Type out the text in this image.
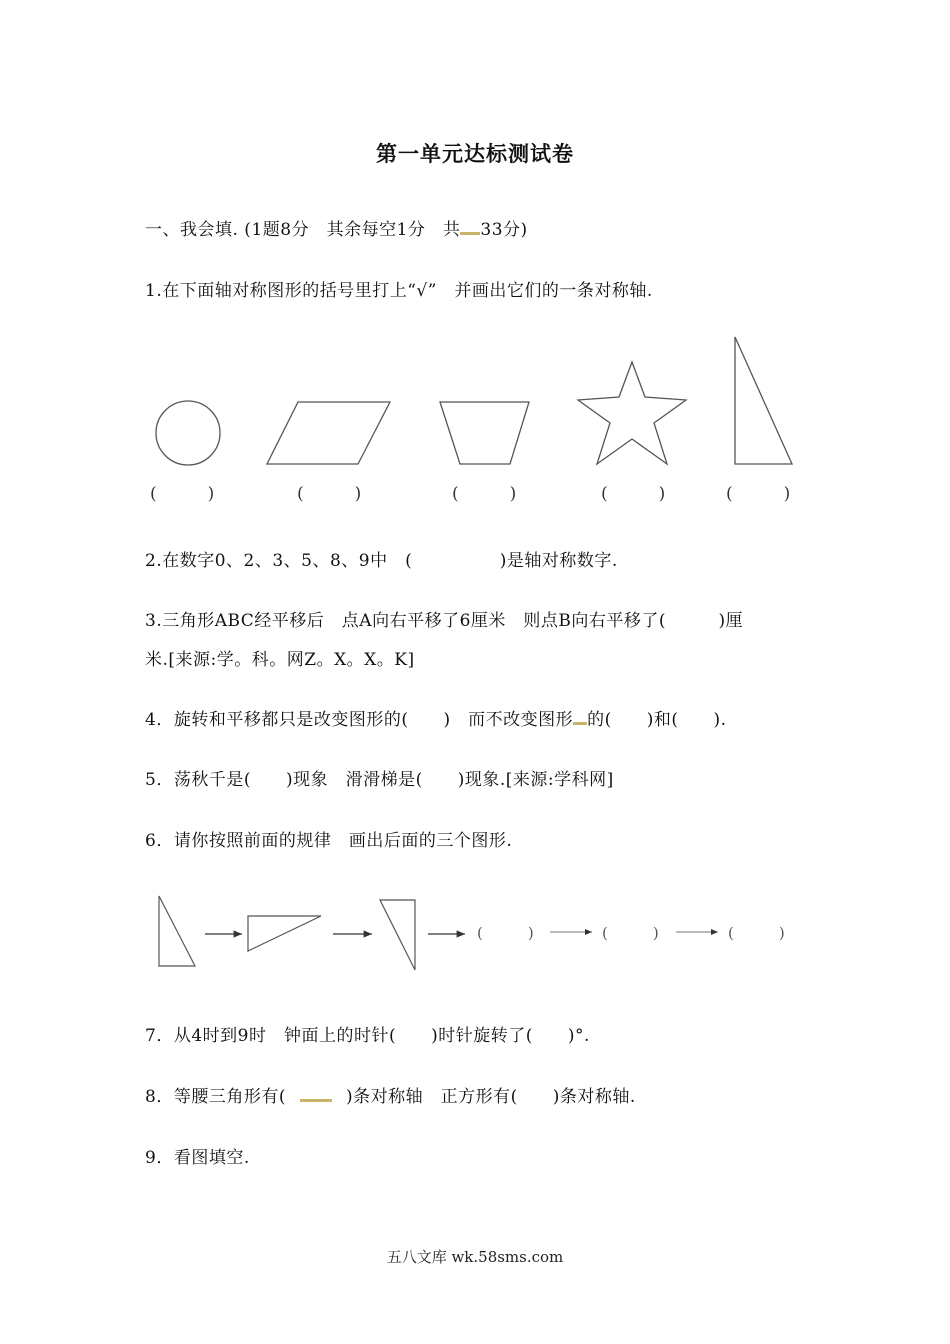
第一单元达标测试卷
一、我会填. (1题8分　其余每空1分　共 33分)
1.在下面轴对称图形的括号里打上“√”　并画出它们的一条对称轴.
(　　　)	(　　　)	(　　　)	(　　　)	(　　　)
2.在数字0、2、3、5、8、9中　(　　　　　)是轴对称数字.
3.三角形ABC经平移后　点A向右平移了6厘米　则点B向右平移了(　　　)厘
米.[来源:学。科。网Z。X。X。K]
4．旋转和平移都只是改变图形的(　　)　而不改变图形 的(　　)和(　　).
5．荡秋千是(　　)现象　滑滑梯是(　　)现象.[来源:学科网]
6．请你按照前面的规律　画出后面的三个图形.
(　　　)	(　　　)	(　　　)
7．从4时到9时　钟面上的时针(　　)时针旋转了(　　)°.
8．等腰三角形有(	)条对称轴　正方形有(　　)条对称轴.
9．看图填空.
五八文库 wk.58sms.com
